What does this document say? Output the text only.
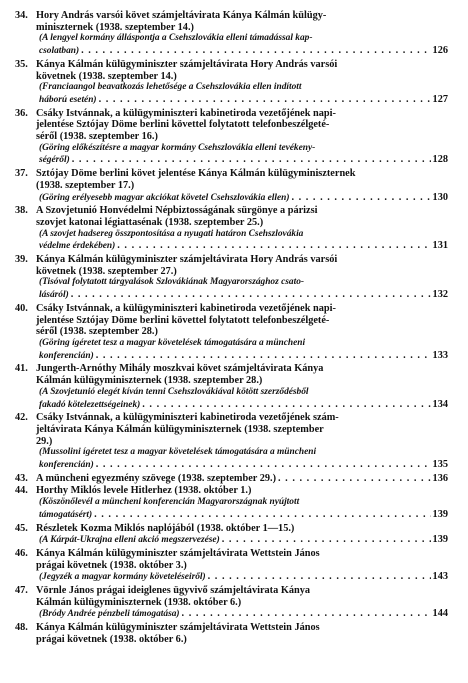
34. Hory András varsói követ számjeltávirata Kánya Kálmán külügy-
miniszternek (1938. szeptember 14.)
(A lengyel kormány álláspontja a Csehszlovákia elleni támadással kap-
csolatban) . . .	126
35. Kánya Kálmán külügyminiszter számjeltávirata Hory András varsói
követnek (1938. szeptember 14.)
(Franciaangol beavatkozás lehetősége a Csehszlovákia ellen indított
háború esetén) . . .	127
36. Csáky Istvánnak, a külügyminiszteri kabinetiroda vezetőjének napi-
jelentése Sztójay Döme berlini követtel folytatott telefonbeszélgeté-
séről (1938. szeptember 16.)
(Göring előkészítésre a magyar kormány Csehszlovákia elleni tevékeny-
ségéről) . . .	128
37. Sztójay Döme berlini követ jelentése Kánya Kálmán külügyminiszternek
(1938. szeptember 17.)
(Göring erélyesebb magyar akciókat követel Csehszlovákia ellen) . . .	130
38. A Szovjetunió Honvédelmi Népbiztosságának sürgönye a párizsi
szovjet katonai légiattasénak (1938. szeptember 25.)
(A szovjet hadsereg összpontosítása a nyugati határon Csehszlovákia
védelme érdekében) . . .	131
39. Kánya Kálmán külügyminiszter számjeltávirata Hory András varsói
követnek (1938. szeptember 27.)
(Tisóval folytatott tárgyalások Szlovákiának Magyarországhoz csato-
lásáról) . . .	132
40. Csáky Istvánnak, a külügyminiszteri kabinetiroda vezetőjének napi-
jelentése Sztójay Döme berlini követtel folytatott telefonbeszélgeté-
séről (1938. szeptember 28.)
(Göring ígéretet tesz a magyar követelések támogatására a müncheni
konferencián) . . .	133
41. Jungerth-Arnóthy Mihály moszkvai követ számjeltávirata Kánya
Kálmán külügyminiszternek (1938. szeptember 28.)
(A Szovjetunió elegét kíván tenni Csehszlovákiával kötött szerződésből
fakadó kötelezettségeinek) . . .	134
42. Csáky Istvánnak, a külügyminiszteri kabinetiroda vezetőjének szám-
jeltávirata Kánya Kálmán külügyminiszternek (1938. szeptember
29.)
(Mussolini ígéretet tesz a magyar követelések támogatására a müncheni
konferencián) . . .	135
43. A müncheni egyezmény szövege (1938. szeptember 29.) . . .	136
44. Horthy Miklós levele Hitlerhez (1938. október 1.)
(Köszönőlevél a müncheni konferencián Magyarországnak nyújtott
támogatásért) . . .	139
45. Részletek Kozma Miklós naplójából (1938. október 1—15.)
(A Kárpát-Ukrajna elleni akció megszervezése) . . .	139
46. Kánya Kálmán külügyminiszter számjeltávirata Wettstein János
prágai követnek (1938. október 3.)
(Jegyzék a magyar kormány követeléseiről) . . .	143
47. Vörnle János prágai ideiglenes ügyvivő számjeltávirata Kánya
Kálmán külügyminiszternek (1938. október 6.)
(Bródy Andrée pénzbeli támogatása) . . .	144
48. Kánya Kálmán külügyminiszter számjeltávirata Wettstein János
prágai követnek (1938. október 6.)
